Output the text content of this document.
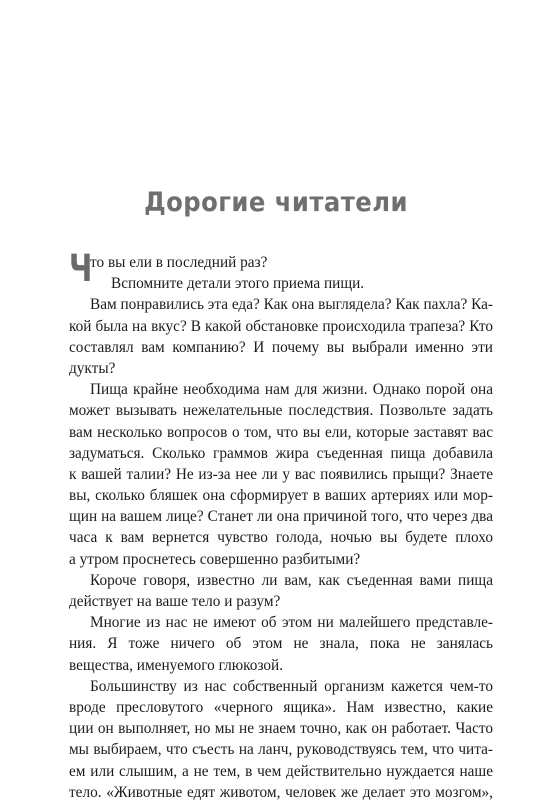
Дорогие читатели
Ч
то вы ели в последний раз?
Вспомните детали этого приема пищи.
Вам понравились эта еда? Как она выглядела? Как пахла? Ка-
кой была на вкус? В какой обстановке происходила трапеза? Кто
составлял вам компанию? И почему вы выбрали именно эти
дукты?
Пища крайне необходима нам для жизни. Однако порой она
может вызывать нежелательные последствия. Позвольте задать
вам несколько вопросов о том, что вы ели, которые заставят вас
задуматься. Сколько граммов жира съеденная пища добавила
к вашей талии? Не из-за нее ли у вас появились прыщи? Знаете
вы, сколько бляшек она сформирует в ваших артериях или мор-
щин на вашем лице? Станет ли она причиной того, что через два
часа к вам вернется чувство голода, ночью вы будете плохо
а утром проснетесь совершенно разбитыми?
Короче говоря, известно ли вам, как съеденная вами пища
действует на ваше тело и разум?
Многие из нас не имеют об этом ни малейшего представле-
ния. Я тоже ничего об этом не знала, пока не занялась
вещества, именуемого глюкозой.
Большинству из нас собственный организм кажется чем-то
вроде пресловутого «черного ящика». Нам известно, какие
ции он выполняет, но мы не знаем точно, как он работает. Часто
мы выбираем, что съесть на ланч, руководствуясь тем, что чита-
ем или слышим, а не тем, в чем действительно нуждается наше
тело. «Животные едят животом, человек же делает это мозгом»,
